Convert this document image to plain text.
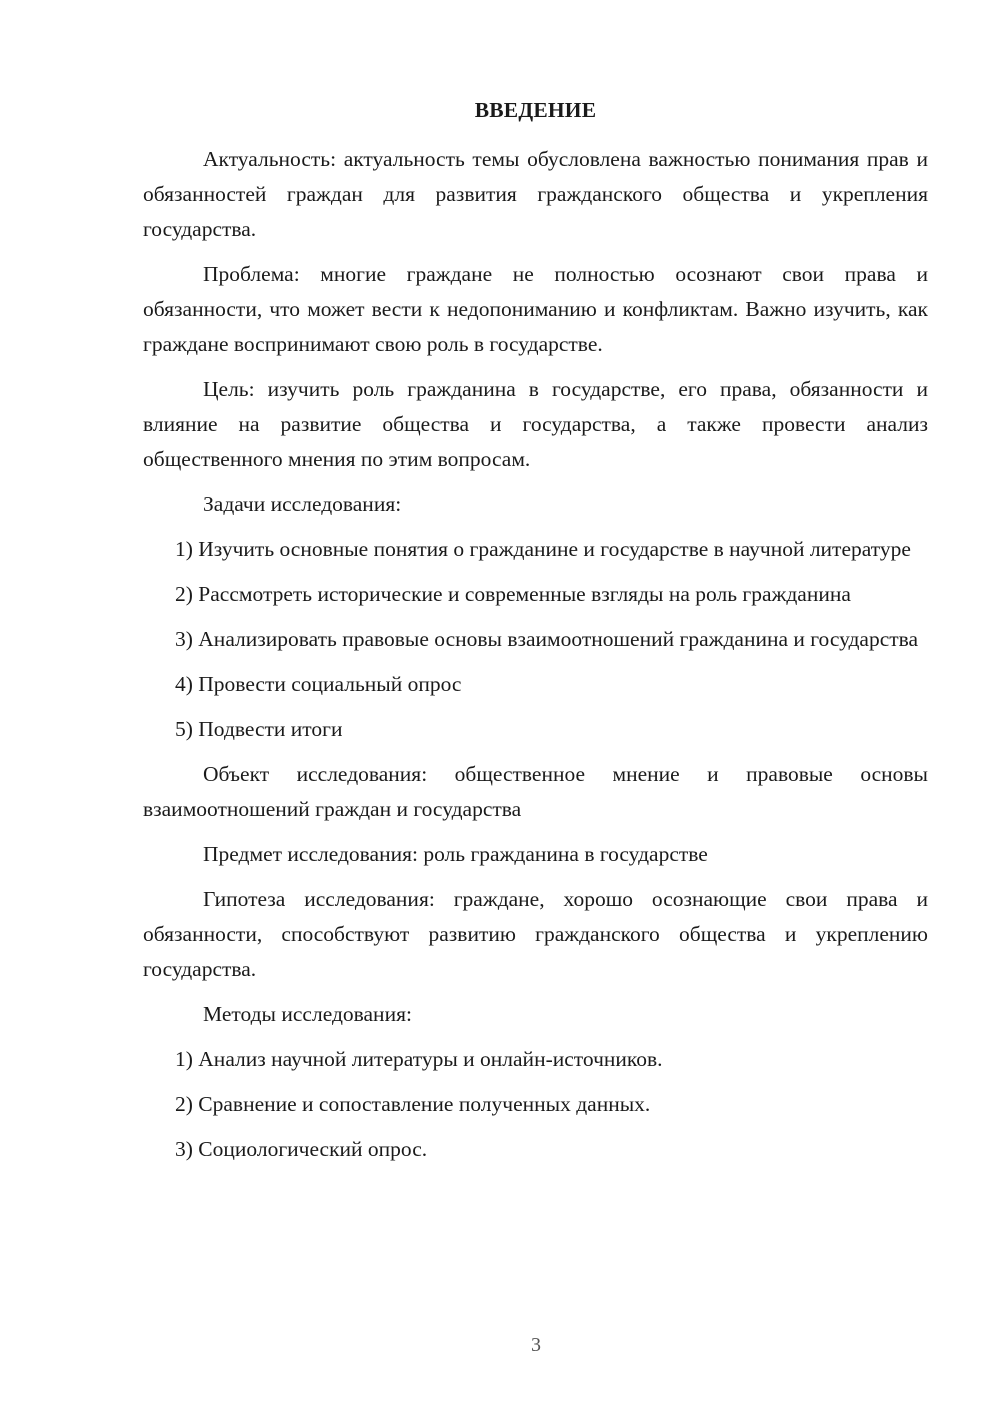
ВВЕДЕНИЕ

Актуальность: актуальность темы обусловлена важностью понимания прав и обязанностей граждан для развития гражданского общества и укрепления государства.

Проблема: многие граждане не полностью осознают свои права и обязанности, что может вести к недопониманию и конфликтам. Важно изучить, как граждане воспринимают свою роль в государстве.

Цель: изучить роль гражданина в государстве, его права, обязанности и влияние на развитие общества и государства, а также провести анализ общественного мнения по этим вопросам.

Задачи исследования:

1) Изучить основные понятия о гражданине и государстве в научной литературе

2) Рассмотреть исторические и современные взгляды на роль гражданина

3) Анализировать правовые основы взаимоотношений гражданина и государства

4) Провести социальный опрос

5) Подвести итоги

Объект исследования: общественное мнение и правовые основы взаимоотношений граждан и государства

Предмет исследования: роль гражданина в государстве

Гипотеза исследования: граждане, хорошо осознающие свои права и обязанности, способствуют развитию гражданского общества и укреплению государства.

Методы исследования:

1) Анализ научной литературы и онлайн-источников.

2) Сравнение и сопоставление полученных данных.

3) Социологический опрос.

3
